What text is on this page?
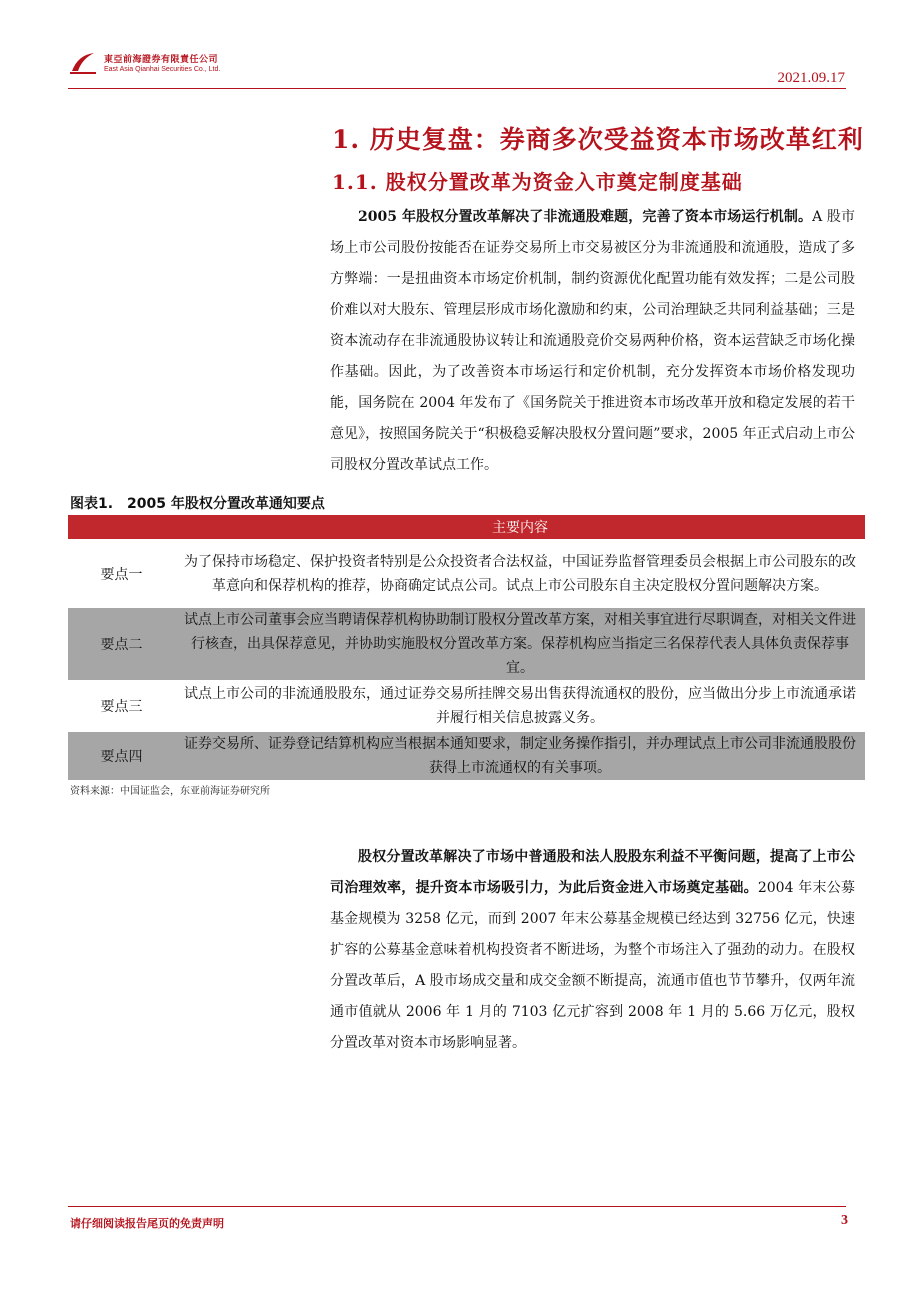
東亞前海證券有限責任公司
East Asia Qianhai Securities Co., Ltd.
2021.09.17
1. 历史复盘：券商多次受益资本市场改革红利
1.1. 股权分置改革为资金入市奠定制度基础

2005 年股权分置改革解决了非流通股难题，完善了资本市场运行机制。A 股市场上市公司股份按能否在证券交易所上市交易被区分为非流通股和流通股，造成了多方弊端：一是扭曲资本市场定价机制，制约资源优化配置功能有效发挥；二是公司股价难以对大股东、管理层形成市场化激励和约束，公司治理缺乏共同利益基础；三是资本流动存在非流通股协议转让和流通股竞价交易两种价格，资本运营缺乏市场化操作基础。因此，为了改善资本市场运行和定价机制，充分发挥资本市场价格发现功能，国务院在 2004 年发布了《国务院关于推进资本市场改革开放和稳定发展的若干意见》，按照国务院关于“积极稳妥解决股权分置问题”要求，2005 年正式启动上市公司股权分置改革试点工作。

图表1.　2005 年股权分置改革通知要点
	主要内容
要点一	为了保持市场稳定、保护投资者特别是公众投资者合法权益，中国证券监督管理委员会根据上市公司股东的改革意向和保荐机构的推荐，协商确定试点公司。试点上市公司股东自主决定股权分置问题解决方案。
要点二	试点上市公司董事会应当聘请保荐机构协助制订股权分置改革方案，对相关事宜进行尽职调查，对相关文件进行核查，出具保荐意见，并协助实施股权分置改革方案。保荐机构应当指定三名保荐代表人具体负责保荐事宜。
要点三	试点上市公司的非流通股股东，通过证券交易所挂牌交易出售获得流通权的股份，应当做出分步上市流通承诺并履行相关信息披露义务。
要点四	证券交易所、证券登记结算机构应当根据本通知要求，制定业务操作指引，并办理试点上市公司非流通股股份获得上市流通权的有关事项。
资料来源：中国证监会，东亚前海证券研究所

股权分置改革解决了市场中普通股和法人股股东利益不平衡问题，提高了上市公司治理效率，提升资本市场吸引力，为此后资金进入市场奠定基础。2004 年末公募基金规模为 3258 亿元，而到 2007 年末公募基金规模已经达到 32756 亿元，快速扩容的公募基金意味着机构投资者不断进场，为整个市场注入了强劲的动力。在股权分置改革后，A 股市场成交量和成交金额不断提高，流通市值也节节攀升，仅两年流通市值就从 2006 年 1 月的 7103 亿元扩容到 2008 年 1 月的 5.66 万亿元，股权分置改革对资本市场影响显著。

请仔细阅读报告尾页的免责声明	3
